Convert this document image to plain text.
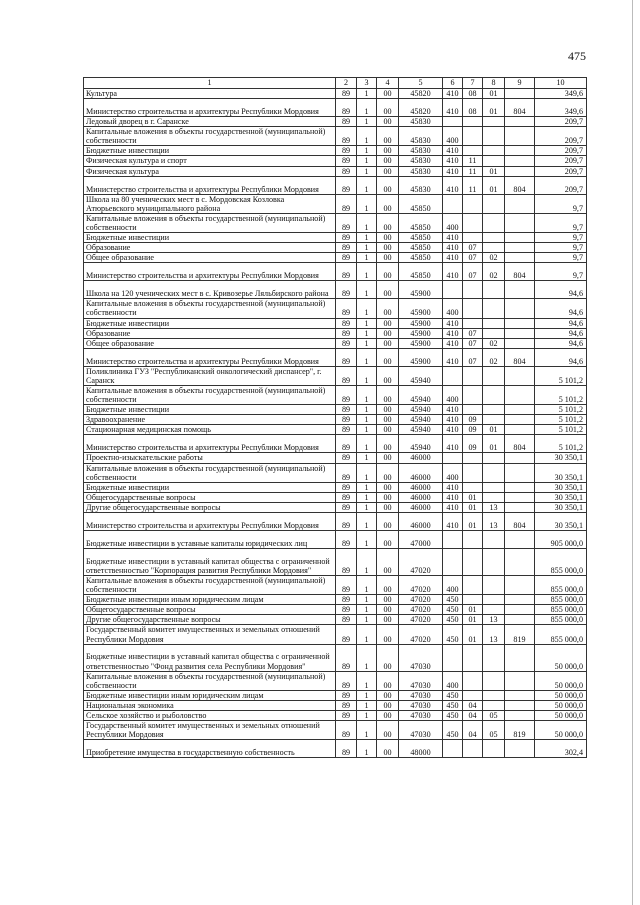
475
1	2	3	4	5	6	7	8	9	10
Культура	89	1	00	45820	410	08	01		349,6
Министерство строительства и архитектуры Республики Мордовия	89	1	00	45820	410	08	01	804	349,6
Ледовый дворец в г. Саранске	89	1	00	45830					209,7
Капитальные вложения в объекты государственной (муниципальной) собственности	89	1	00	45830	400				209,7
Бюджетные инвестиции	89	1	00	45830	410				209,7
Физическая культура и спорт	89	1	00	45830	410	11			209,7
Физическая культура	89	1	00	45830	410	11	01		209,7
Министерство строительства и архитектуры Республики Мордовия	89	1	00	45830	410	11	01	804	209,7
Школа на 80 ученических мест в с. Мордовская Козловка Атюрьевского муниципального района	89	1	00	45850					9,7
Капитальные вложения в объекты государственной (муниципальной) собственности	89	1	00	45850	400				9,7
Бюджетные инвестиции	89	1	00	45850	410				9,7
Образование	89	1	00	45850	410	07			9,7
Общее образование	89	1	00	45850	410	07	02		9,7
Министерство строительства и архитектуры Республики Мордовия	89	1	00	45850	410	07	02	804	9,7
Школа на 120 ученических мест в с. Кривозерье Ляльбирского района	89	1	00	45900					94,6
Капитальные вложения в объекты государственной (муниципальной) собственности	89	1	00	45900	400				94,6
Бюджетные инвестиции	89	1	00	45900	410				94,6
Образование	89	1	00	45900	410	07			94,6
Общее образование	89	1	00	45900	410	07	02		94,6
Министерство строительства и архитектуры Республики Мордовия	89	1	00	45900	410	07	02	804	94,6
Поликлиника ГУЗ "Республиканский онкологический диспансер", г. Саранск	89	1	00	45940					5 101,2
Капитальные вложения в объекты государственной (муниципальной) собственности	89	1	00	45940	400				5 101,2
Бюджетные инвестиции	89	1	00	45940	410				5 101,2
Здравоохранение	89	1	00	45940	410	09			5 101,2
Стационарная медицинская помощь	89	1	00	45940	410	09	01		5 101,2
Министерство строительства и архитектуры Республики Мордовия	89	1	00	45940	410	09	01	804	5 101,2
Проектно-изыскательские работы	89	1	00	46000					30 350,1
Капитальные вложения в объекты государственной (муниципальной) собственности	89	1	00	46000	400				30 350,1
Бюджетные инвестиции	89	1	00	46000	410				30 350,1
Общегосударственные вопросы	89	1	00	46000	410	01			30 350,1
Другие общегосударственные вопросы	89	1	00	46000	410	01	13		30 350,1
Министерство строительства и архитектуры Республики Мордовия	89	1	00	46000	410	01	13	804	30 350,1
Бюджетные инвестиции в уставные капиталы юридических лиц	89	1	00	47000					905 000,0
Бюджетные инвестиции в уставный капитал общества с ограниченной ответственностью "Корпорация развития Республики Мордовия"	89	1	00	47020					855 000,0
Капитальные вложения в объекты государственной (муниципальной) собственности	89	1	00	47020	400				855 000,0
Бюджетные инвестиции иным юридическим лицам	89	1	00	47020	450				855 000,0
Общегосударственные вопросы	89	1	00	47020	450	01			855 000,0
Другие общегосударственные вопросы	89	1	00	47020	450	01	13		855 000,0
Государственный комитет имущественных и земельных отношений Республики Мордовия	89	1	00	47020	450	01	13	819	855 000,0
Бюджетные инвестиции в уставный капитал общества с ограниченной ответственностью "Фонд развития села Республики Мордовия"	89	1	00	47030					50 000,0
Капитальные вложения в объекты государственной (муниципальной) собственности	89	1	00	47030	400				50 000,0
Бюджетные инвестиции иным юридическим лицам	89	1	00	47030	450				50 000,0
Национальная экономика	89	1	00	47030	450	04			50 000,0
Сельское хозяйство и рыболовство	89	1	00	47030	450	04	05		50 000,0
Государственный комитет имущественных и земельных отношений Республики Мордовия	89	1	00	47030	450	04	05	819	50 000,0
Приобретение имущества в государственную собственность	89	1	00	48000					302,4
